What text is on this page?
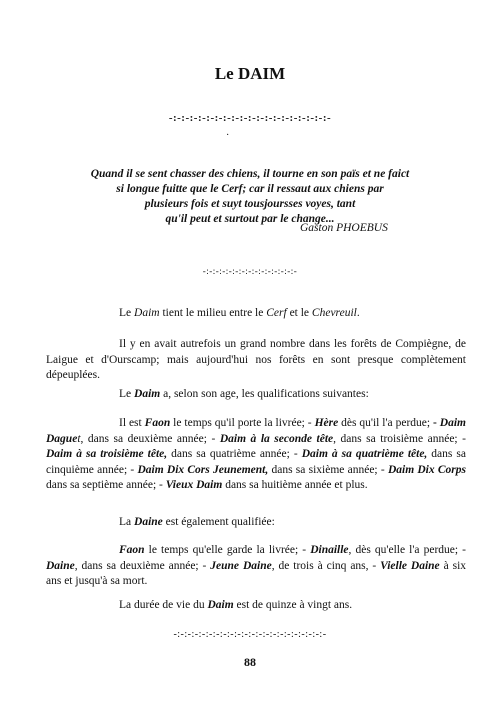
Le DAIM
-:-:-:-:-:-:-:-:-:-:-:-:-:-:-:-:-:-:-:-
·
Quand il se sent chasser des chiens, il tourne en son païs et ne faict
si longue fuitte que le Cerf; car il ressaut aux chiens par
plusieurs fois et suyt tousjoursses voyes, tant
qu'il peut et surtout par le change...
Gaston PHOEBUS
-:-:-:-:-:-:-:-:-:-:-:-:-:-:-
Le Daim tient le milieu entre le Cerf et le Chevreuil.
Il y en avait autrefois un grand nombre dans les forêts de Compiègne, de Laigue et d'Ourscamp; mais aujourd'hui nos forêts en sont presque complètement dépeuplées.
Le Daim a, selon son age, les qualifications suivantes:
Il est Faon le temps qu'il porte la livrée; - Hère dès qu'il l'a perdue; - Daim Daguet, dans sa deuxième année; - Daim à la seconde tête, dans sa troisième année; - Daim à sa troisième tête, dans sa quatrième année; - Daim à sa quatrième tête, dans sa cinquième année; - Daim Dix Cors Jeunement, dans sa sixième année; - Daim Dix Corps dans sa septième année; - Vieux Daim dans sa huitième année et plus.
La Daine est également qualifiée:
Faon le temps qu'elle garde la livrée; - Dinaille, dès qu'elle l'a perdue; - Daine, dans sa deuxième année; - Jeune Daine, de trois à cinq ans, - Vielle Daine à six ans et jusqu'à sa mort.
La durée de vie du Daim est de quinze à vingt ans.
-:-:-:-:-:-:-:-:-:-:-:-:-:-:-:-:-:-:-:-:-:-
88
